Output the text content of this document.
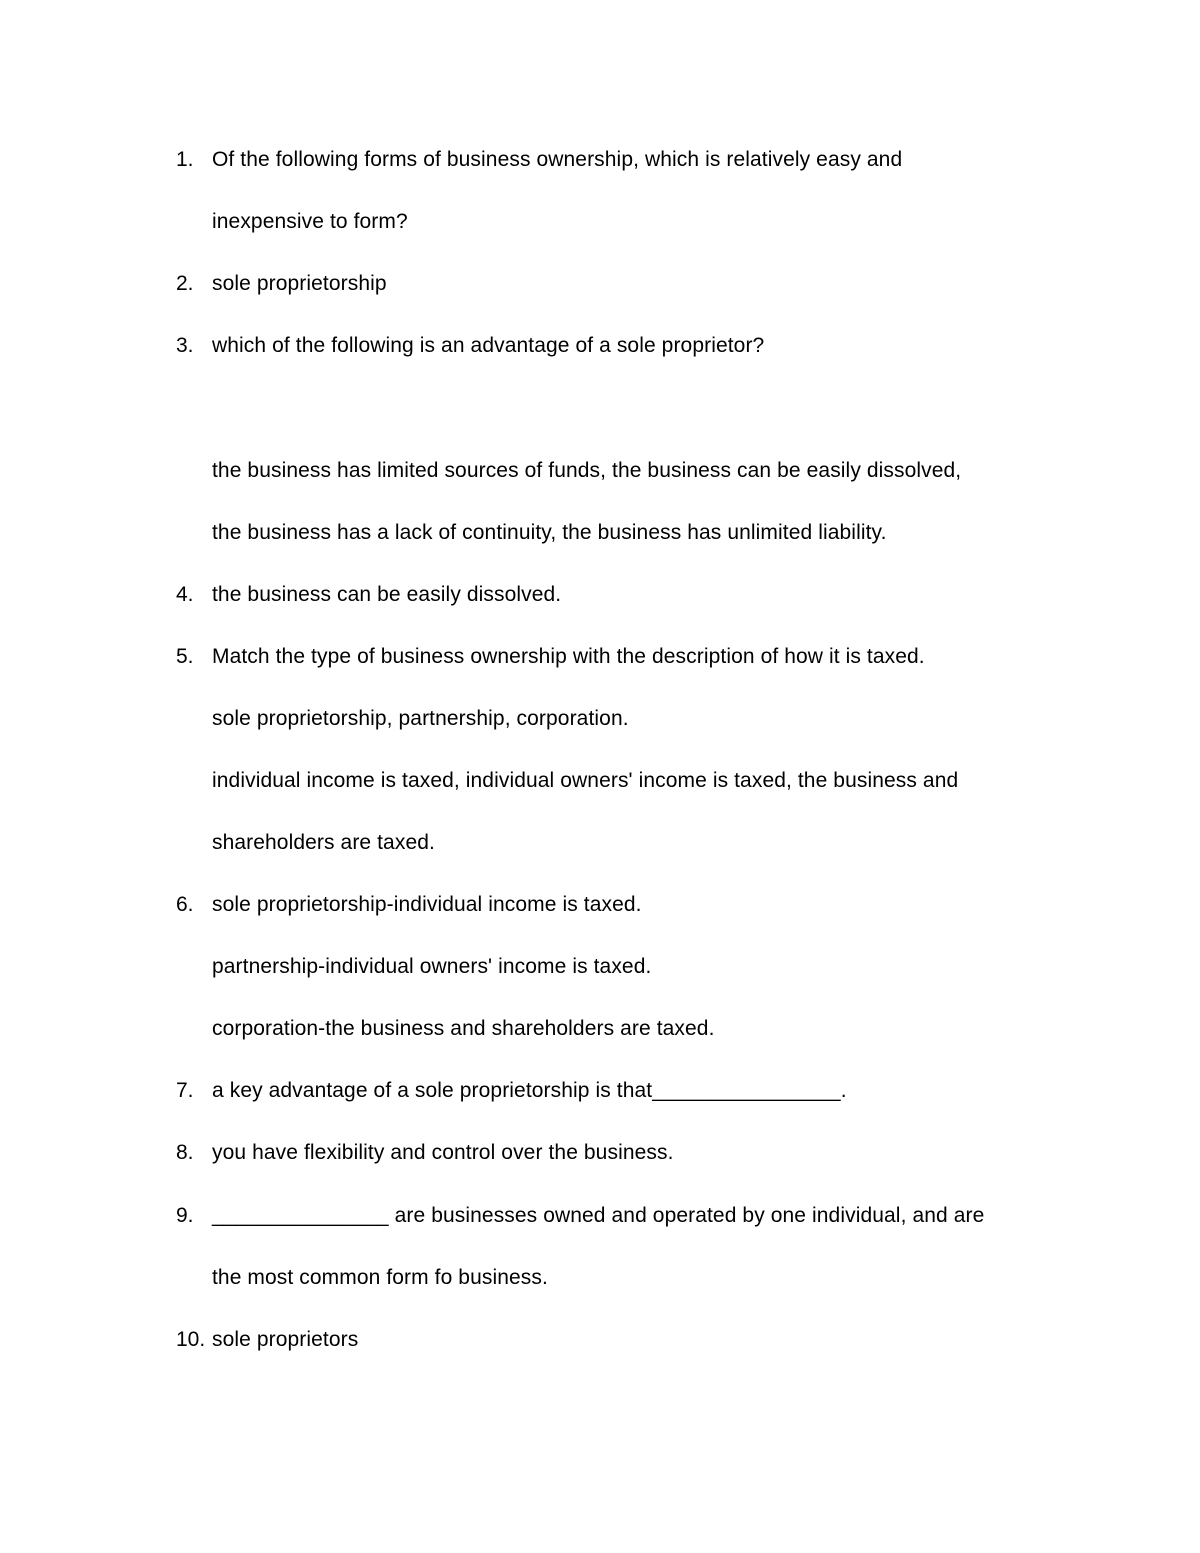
1. Of the following forms of business ownership, which is relatively easy and
inexpensive to form?
2. sole proprietorship
3. which of the following is an advantage of a sole proprietor?
the business has limited sources of funds, the business can be easily dissolved,
the business has a lack of continuity, the business has unlimited liability.
4. the business can be easily dissolved.
5. Match the type of business ownership with the description of how it is taxed.
sole proprietorship, partnership, corporation.
individual income is taxed, individual owners' income is taxed, the business and
shareholders are taxed.
6. sole proprietorship-individual income is taxed.
partnership-individual owners' income is taxed.
corporation-the business and shareholders are taxed.
7. a key advantage of a sole proprietorship is that________________.
8. you have flexibility and control over the business.
9. _______________ are businesses owned and operated by one individual, and are
the most common form fo business.
10. sole proprietors
